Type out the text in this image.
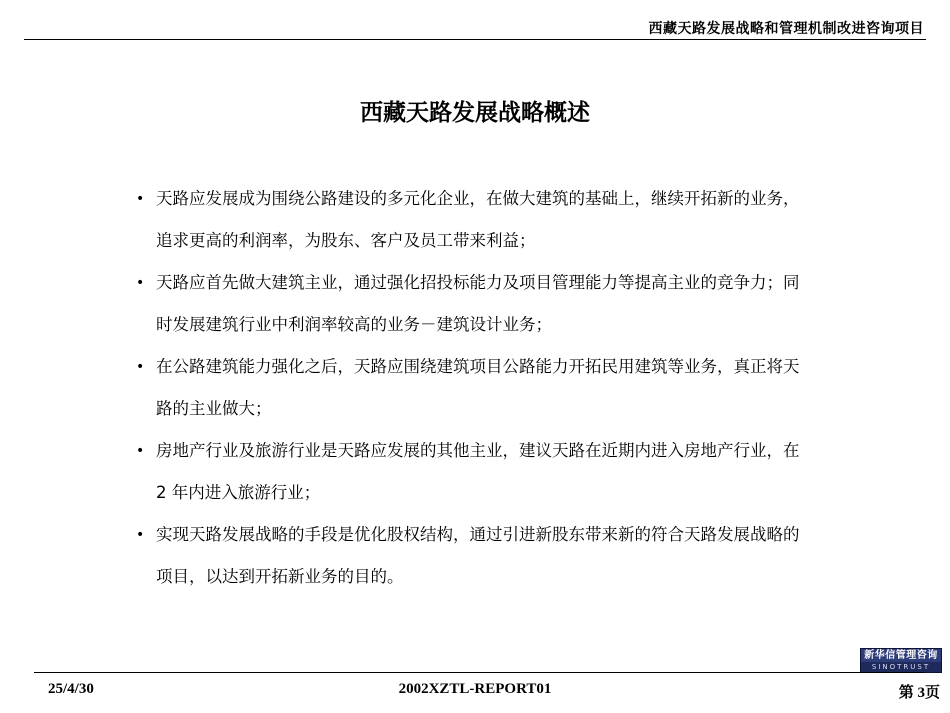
西藏天路发展战略和管理机制改进咨询项目
西藏天路发展战略概述
• 天路应发展成为围绕公路建设的多元化企业，在做大建筑的基础上，继续开拓新的业务，追求更高的利润率，为股东、客户及员工带来利益；
• 天路应首先做大建筑主业，通过强化招投标能力及项目管理能力等提高主业的竞争力；同时发展建筑行业中利润率较高的业务－建筑设计业务；
• 在公路建筑能力强化之后，天路应围绕建筑项目公路能力开拓民用建筑等业务，真正将天路的主业做大；
• 房地产行业及旅游行业是天路应发展的其他主业，建议天路在近期内进入房地产行业，在 2 年内进入旅游行业；
• 实现天路发展战略的手段是优化股权结构，通过引进新股东带来新的符合天路发展战略的项目，以达到开拓新业务的目的。
新华信管理咨询
SINOTRUST
25/4/30	2002XZTL-REPORT01	第 3页
